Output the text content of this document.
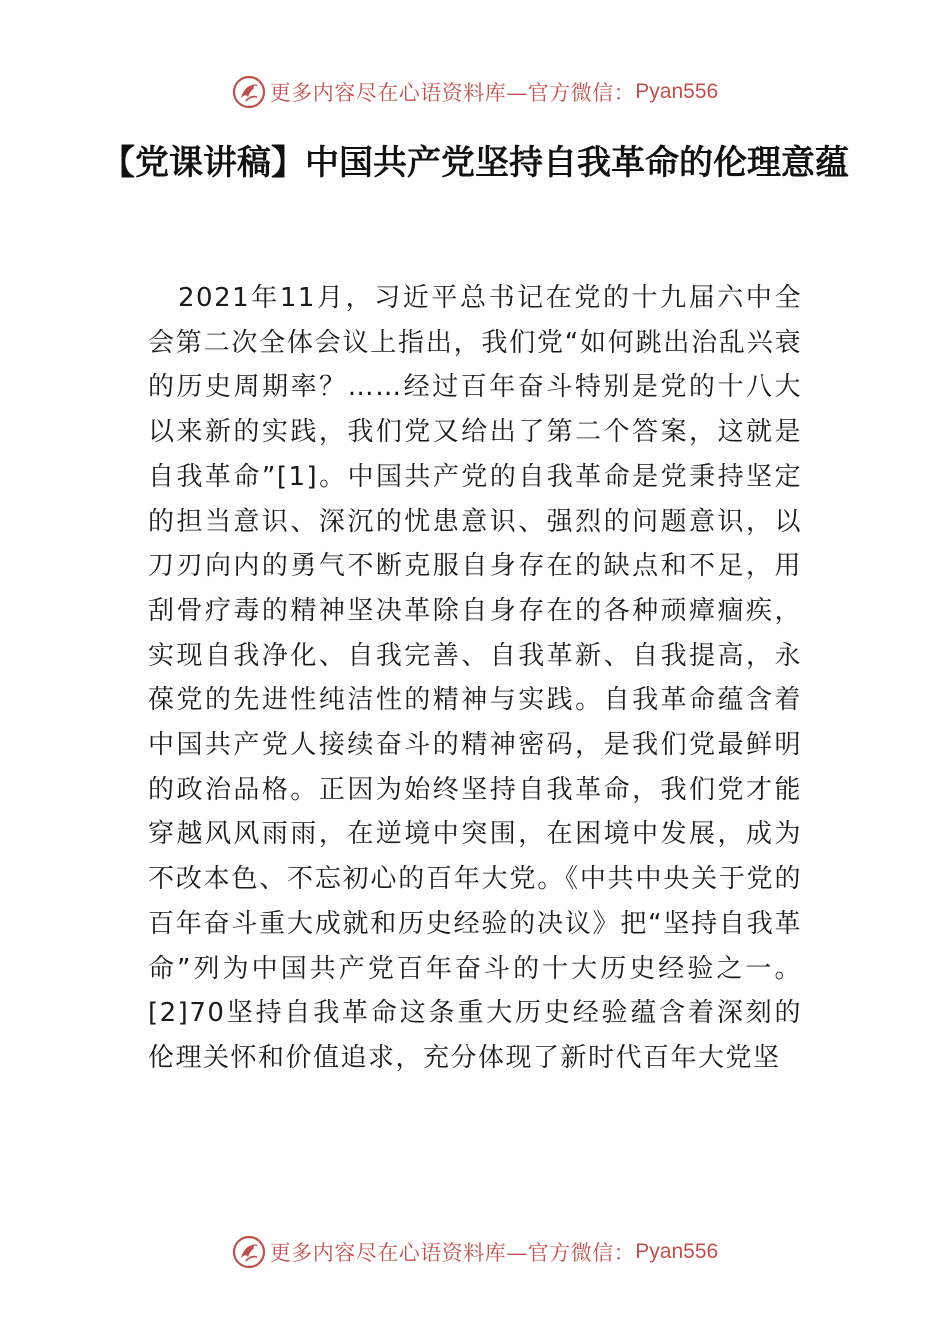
更多内容尽在心语资料库—官方微信： Pyan556
【党课讲稿】中国共产党坚持自我革命的伦理意蕴

2021年11月，习近平总书记在党的十九届六中全会第二次全体会议上指出，我们党“如何跳出治乱兴衰的历史周期率？……经过百年奋斗特别是党的十八大以来新的实践，我们党又给出了第二个答案，这就是自我革命”[1]。中国共产党的自我革命是党秉持坚定的担当意识、深沉的忧患意识、强烈的问题意识，以刀刃向内的勇气不断克服自身存在的缺点和不足，用刮骨疗毒的精神坚决革除自身存在的各种顽瘴痼疾，实现自我净化、自我完善、自我革新、自我提高，永葆党的先进性纯洁性的精神与实践。自我革命蕴含着中国共产党人接续奋斗的精神密码，是我们党最鲜明的政治品格。正因为始终坚持自我革命，我们党才能穿越风风雨雨，在逆境中突围，在困境中发展，成为不改本色、不忘初心的百年大党。《中共中央关于党的百年奋斗重大成就和历史经验的决议》把“坚持自我革命”列为中国共产党百年奋斗的十大历史经验之一。[2]70坚持自我革命这条重大历史经验蕴含着深刻的伦理关怀和价值追求，充分体现了新时代百年大党坚

更多内容尽在心语资料库—官方微信： Pyan556
